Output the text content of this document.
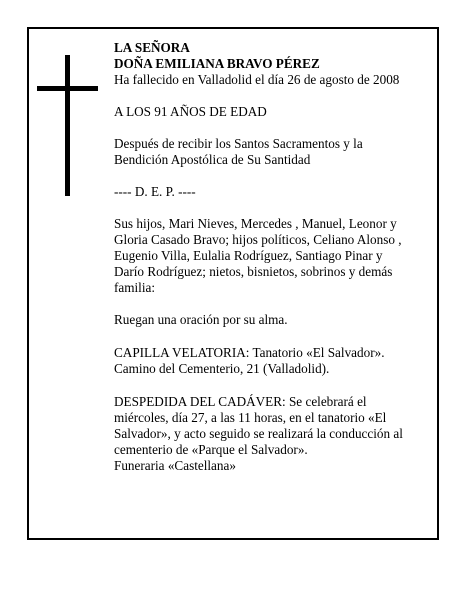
LA SEÑORA

DOÑA EMILIANA BRAVO PÉREZ

Ha fallecido en Valladolid el día 26 de agosto de 2008

A LOS 91 AÑOS DE EDAD

Después de recibir los Santos Sacramentos y la

Bendición Apostólica de Su Santidad

---- D. E. P. ----

Sus hijos, Mari Nieves, Mercedes , Manuel, Leonor y

Gloria Casado Bravo; hijos políticos, Celiano Alonso ,

Eugenio Villa, Eulalia Rodríguez, Santiago Pinar y

Darío Rodríguez; nietos, bisnietos, sobrinos y demás

familia:

Ruegan una oración por su alma.

CAPILLA VELATORIA: Tanatorio «El Salvador».

Camino del Cementerio, 21 (Valladolid).

DESPEDIDA DEL CADÁVER: Se celebrará el

miércoles, día 27, a las 11 horas, en el tanatorio «El

Salvador», y acto seguido se realizará la conducción al

cementerio de «Parque el Salvador».

Funeraria «Castellana»
